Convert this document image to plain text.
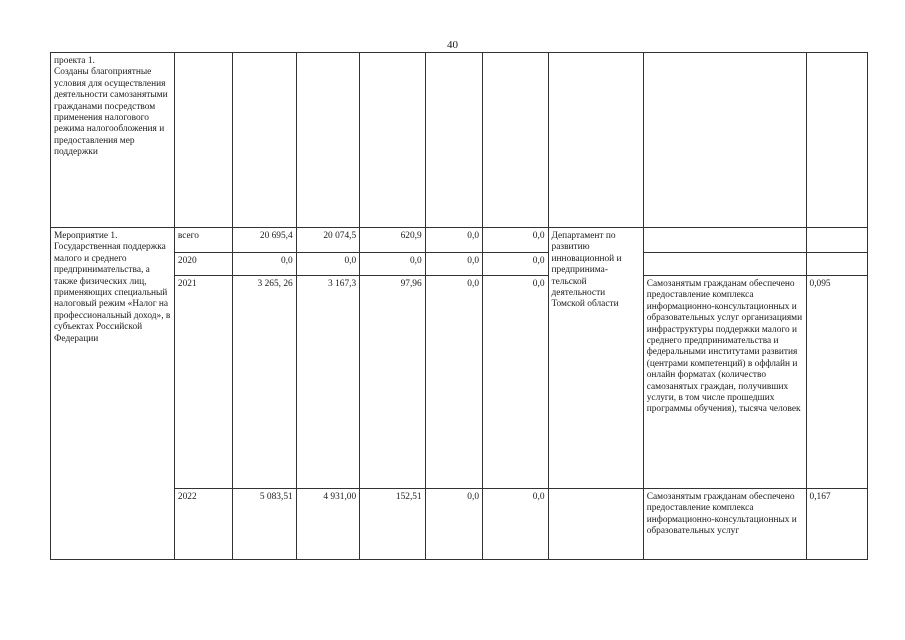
40
проекта 1.
Созданы благоприятные условия для осуществления деятельности самозанятыми гражданами посредством применения налогового режима налогообложения и предоставления мер поддержки									
Мероприятие 1.
Государственная поддержка малого и среднего предпринимательства, а также физических лиц, применяющих специальный налоговый режим «Налог на профессиональный доход», в субъектах Российской Федерации	всего	20 695,4	20 074,5	620,9	0,0	0,0	Департамент по развитию инновационной и предпринима-тельской деятельности Томской области		
	2020	0,0	0,0	0,0	0,0	0,0			
	2021	3 265, 26	3 167,3	97,96	0,0	0,0		Самозанятым гражданам обеспечено предоставление комплекса информационно-консультационных и образовательных услуг организациями инфраструктуры поддержки малого и среднего предпринимательства и федеральными институтами развития (центрами компетенций) в оффлайн и онлайн форматах (количество самозанятых граждан, получивших услуги, в том числе прошедших программы обучения), тысяча человек	0,095
	2022	5 083,51	4 931,00	152,51	0,0	0,0		Самозанятым гражданам обеспечено предоставление комплекса информационно-консультационных и образовательных услуг	0,167
